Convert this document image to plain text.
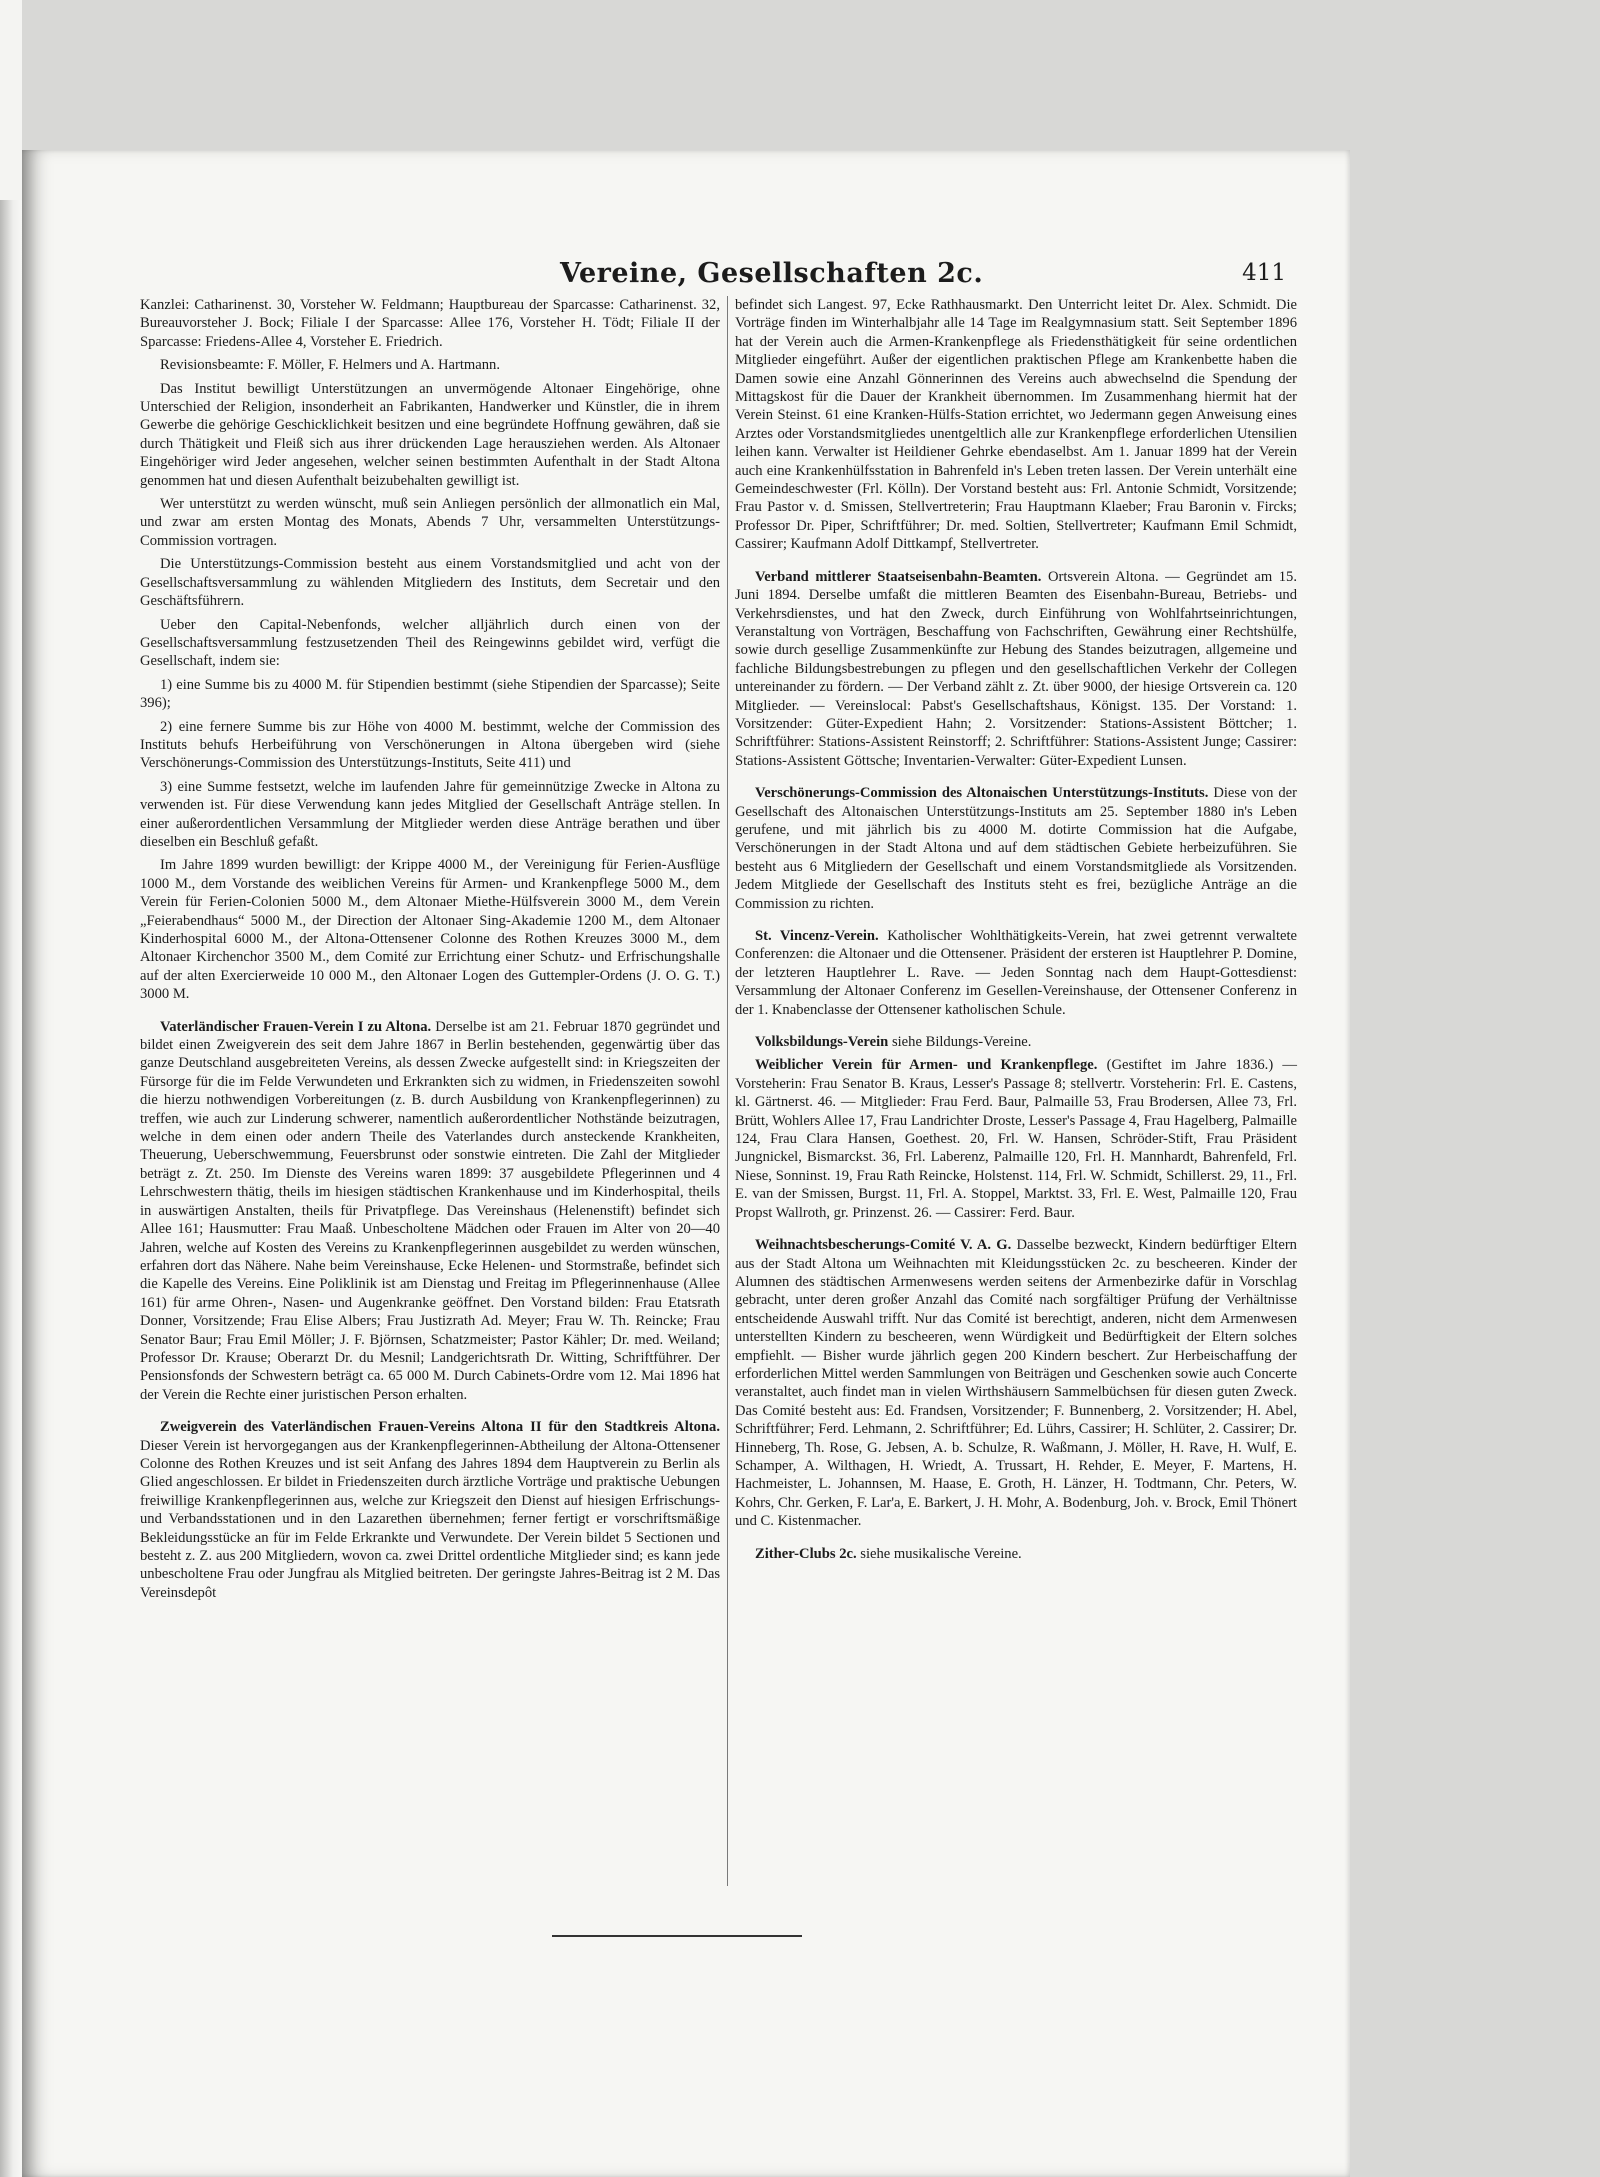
Vereine, Gesellschaften 2c.	411

Kanzlei: Catharinenst. 30, Vorsteher W. Feldmann; Hauptbureau der Sparcasse: Catharinenst. 32, Bureauvorsteher J. Bock; Filiale I der Sparcasse: Allee 176, Vorsteher H. Tödt; Filiale II der Sparcasse: Friedens-Allee 4, Vorsteher E. Friedrich.

Revisionsbeamte: F. Möller, F. Helmers und A. Hartmann.

Das Institut bewilligt Unterstützungen an unvermögende Altonaer Eingehörige, ohne Unterschied der Religion, insonderheit an Fabrikanten, Handwerker und Künstler, die in ihrem Gewerbe die gehörige Geschicklichkeit besitzen und eine begründete Hoffnung gewähren, daß sie durch Thätigkeit und Fleiß sich aus ihrer drückenden Lage herausziehen werden. Als Altonaer Eingehöriger wird Jeder angesehen, welcher seinen bestimmten Aufenthalt in der Stadt Altona genommen hat und diesen Aufenthalt beizubehalten gewilligt ist.

Wer unterstützt zu werden wünscht, muß sein Anliegen persönlich der allmonatlich ein Mal, und zwar am ersten Montag des Monats, Abends 7 Uhr, versammelten Unterstützungs-Commission vortragen.

Die Unterstützungs-Commission besteht aus einem Vorstandsmitglied und acht von der Gesellschaftsversammlung zu wählenden Mitgliedern des Instituts, dem Secretair und den Geschäftsführern.

Ueber den Capital-Nebenfonds, welcher alljährlich durch einen von der Gesellschaftsversammlung festzusetzenden Theil des Reingewinns gebildet wird, verfügt die Gesellschaft, indem sie:

1) eine Summe bis zu 4000 M. für Stipendien bestimmt (siehe Stipendien der Sparcasse); Seite 396);

2) eine fernere Summe bis zur Höhe von 4000 M. bestimmt, welche der Commission des Instituts behufs Herbeiführung von Verschönerungen in Altona übergeben wird (siehe Verschönerungs-Commission des Unterstützungs-Instituts, Seite 411) und

3) eine Summe festsetzt, welche im laufenden Jahre für gemeinnützige Zwecke in Altona zu verwenden ist. Für diese Verwendung kann jedes Mitglied der Gesellschaft Anträge stellen. In einer außerordentlichen Versammlung der Mitglieder werden diese Anträge berathen und über dieselben ein Beschluß gefaßt.

Im Jahre 1899 wurden bewilligt: der Krippe 4000 M., der Vereinigung für Ferien-Ausflüge 1000 M., dem Vorstande des weiblichen Vereins für Armen- und Krankenpflege 5000 M., dem Verein für Ferien-Colonien 5000 M., dem Altonaer Miethe-Hülfsverein 3000 M., dem Verein „Feierabendhaus“ 5000 M., der Direction der Altonaer Sing-Akademie 1200 M., dem Altonaer Kinderhospital 6000 M., der Altona-Ottensener Colonne des Rothen Kreuzes 3000 M., dem Altonaer Kirchenchor 3500 M., dem Comité zur Errichtung einer Schutz- und Erfrischungshalle auf der alten Exercierweide 10 000 M., den Altonaer Logen des Guttempler-Ordens (J. O. G. T.) 3000 M.

Vaterländischer Frauen-Verein I zu Altona. Derselbe ist am 21. Februar 1870 gegründet und bildet einen Zweigverein des seit dem Jahre 1867 in Berlin bestehenden, gegenwärtig über das ganze Deutschland ausgebreiteten Vereins, als dessen Zwecke aufgestellt sind: in Kriegszeiten der Fürsorge für die im Felde Verwundeten und Erkrankten sich zu widmen, in Friedenszeiten sowohl die hierzu nothwendigen Vorbereitungen (z. B. durch Ausbildung von Krankenpflegerinnen) zu treffen, wie auch zur Linderung schwerer, namentlich außerordentlicher Nothstände beizutragen, welche in dem einen oder andern Theile des Vaterlandes durch ansteckende Krankheiten, Theuerung, Ueberschwemmung, Feuersbrunst oder sonstwie eintreten. Die Zahl der Mitglieder beträgt z. Zt. 250. Im Dienste des Vereins waren 1899: 37 ausgebildete Pflegerinnen und 4 Lehrschwestern thätig, theils im hiesigen städtischen Krankenhause und im Kinderhospital, theils in auswärtigen Anstalten, theils für Privatpflege. Das Vereinshaus (Helenenstift) befindet sich Allee 161; Hausmutter: Frau Maaß. Unbescholtene Mädchen oder Frauen im Alter von 20—40 Jahren, welche auf Kosten des Vereins zu Krankenpflegerinnen ausgebildet zu werden wünschen, erfahren dort das Nähere. Nahe beim Vereinshause, Ecke Helenen- und Stormstraße, befindet sich die Kapelle des Vereins. Eine Poliklinik ist am Dienstag und Freitag im Pflegerinnenhause (Allee 161) für arme Ohren-, Nasen- und Augenkranke geöffnet. Den Vorstand bilden: Frau Etatsrath Donner, Vorsitzende; Frau Elise Albers; Frau Justizrath Ad. Meyer; Frau W. Th. Reincke; Frau Senator Baur; Frau Emil Möller; J. F. Björnsen, Schatzmeister; Pastor Kähler; Dr. med. Weiland; Professor Dr. Krause; Oberarzt Dr. du Mesnil; Landgerichtsrath Dr. Witting, Schriftführer. Der Pensionsfonds der Schwestern beträgt ca. 65 000 M. Durch Cabinets-Ordre vom 12. Mai 1896 hat der Verein die Rechte einer juristischen Person erhalten.

Zweigverein des Vaterländischen Frauen-Vereins Altona II für den Stadtkreis Altona. Dieser Verein ist hervorgegangen aus der Krankenpflegerinnen-Abtheilung der Altona-Ottensener Colonne des Rothen Kreuzes und ist seit Anfang des Jahres 1894 dem Hauptverein zu Berlin als Glied angeschlossen. Er bildet in Friedenszeiten durch ärztliche Vorträge und praktische Uebungen freiwillige Krankenpflegerinnen aus, welche zur Kriegszeit den Dienst auf hiesigen Erfrischungs- und Verbandsstationen und in den Lazarethen übernehmen; ferner fertigt er vorschriftsmäßige Bekleidungsstücke an für im Felde Erkrankte und Verwundete. Der Verein bildet 5 Sectionen und besteht z. Z. aus 200 Mitgliedern, wovon ca. zwei Drittel ordentliche Mitglieder sind; es kann jede unbescholtene Frau oder Jungfrau als Mitglied beitreten. Der geringste Jahres-Beitrag ist 2 M. Das Vereinsdepôt

befindet sich Langest. 97, Ecke Rathhausmarkt. Den Unterricht leitet Dr. Alex. Schmidt. Die Vorträge finden im Winterhalbjahr alle 14 Tage im Realgymnasium statt. Seit September 1896 hat der Verein auch die Armen-Krankenpflege als Friedensthätigkeit für seine ordentlichen Mitglieder eingeführt. Außer der eigentlichen praktischen Pflege am Krankenbette haben die Damen sowie eine Anzahl Gönnerinnen des Vereins auch abwechselnd die Spendung der Mittagskost für die Dauer der Krankheit übernommen. Im Zusammenhang hiermit hat der Verein Steinst. 61 eine Kranken-Hülfs-Station errichtet, wo Jedermann gegen Anweisung eines Arztes oder Vorstandsmitgliedes unentgeltlich alle zur Krankenpflege erforderlichen Utensilien leihen kann. Verwalter ist Heildiener Gehrke ebendaselbst. Am 1. Januar 1899 hat der Verein auch eine Krankenhülfsstation in Bahrenfeld in's Leben treten lassen. Der Verein unterhält eine Gemeindeschwester (Frl. Kölln). Der Vorstand besteht aus: Frl. Antonie Schmidt, Vorsitzende; Frau Pastor v. d. Smissen, Stellvertreterin; Frau Hauptmann Klaeber; Frau Baronin v. Fircks; Professor Dr. Piper, Schriftführer; Dr. med. Soltien, Stellvertreter; Kaufmann Emil Schmidt, Cassirer; Kaufmann Adolf Dittkampf, Stellvertreter.

Verband mittlerer Staatseisenbahn-Beamten. Ortsverein Altona. — Gegründet am 15. Juni 1894. Derselbe umfaßt die mittleren Beamten des Eisenbahn-Bureau, Betriebs- und Verkehrsdienstes, und hat den Zweck, durch Einführung von Wohlfahrtseinrichtungen, Veranstaltung von Vorträgen, Beschaffung von Fachschriften, Gewährung einer Rechtshülfe, sowie durch gesellige Zusammenkünfte zur Hebung des Standes beizutragen, allgemeine und fachliche Bildungsbestrebungen zu pflegen und den gesellschaftlichen Verkehr der Collegen untereinander zu fördern. — Der Verband zählt z. Zt. über 9000, der hiesige Ortsverein ca. 120 Mitglieder. — Vereinslocal: Pabst's Gesellschaftshaus, Königst. 135. Der Vorstand: 1. Vorsitzender: Güter-Expedient Hahn; 2. Vorsitzender: Stations-Assistent Böttcher; 1. Schriftführer: Stations-Assistent Reinstorff; 2. Schriftführer: Stations-Assistent Junge; Cassirer: Stations-Assistent Göttsche; Inventarien-Verwalter: Güter-Expedient Lunsen.

Verschönerungs-Commission des Altonaischen Unterstützungs-Instituts. Diese von der Gesellschaft des Altonaischen Unterstützungs-Instituts am 25. September 1880 in's Leben gerufene, und mit jährlich bis zu 4000 M. dotirte Commission hat die Aufgabe, Verschönerungen in der Stadt Altona und auf dem städtischen Gebiete herbeizuführen. Sie besteht aus 6 Mitgliedern der Gesellschaft und einem Vorstandsmitgliede als Vorsitzenden. Jedem Mitgliede der Gesellschaft des Instituts steht es frei, bezügliche Anträge an die Commission zu richten.

St. Vincenz-Verein. Katholischer Wohlthätigkeits-Verein, hat zwei getrennt verwaltete Conferenzen: die Altonaer und die Ottensener. Präsident der ersteren ist Hauptlehrer P. Domine, der letzteren Hauptlehrer L. Rave. — Jeden Sonntag nach dem Haupt-Gottesdienst: Versammlung der Altonaer Conferenz im Gesellen-Vereinshause, der Ottensener Conferenz in der 1. Knabenclasse der Ottensener katholischen Schule.

Volksbildungs-Verein siehe Bildungs-Vereine.

Weiblicher Verein für Armen- und Krankenpflege. (Gestiftet im Jahre 1836.) — Vorsteherin: Frau Senator B. Kraus, Lesser's Passage 8; stellvertr. Vorsteherin: Frl. E. Castens, kl. Gärtnerst. 46. — Mitglieder: Frau Ferd. Baur, Palmaille 53, Frau Brodersen, Allee 73, Frl. Brütt, Wohlers Allee 17, Frau Landrichter Droste, Lesser's Passage 4, Frau Hagelberg, Palmaille 124, Frau Clara Hansen, Goethest. 20, Frl. W. Hansen, Schröder-Stift, Frau Präsident Jungnickel, Bismarckst. 36, Frl. Laberenz, Palmaille 120, Frl. H. Mannhardt, Bahrenfeld, Frl. Niese, Sonninst. 19, Frau Rath Reincke, Holstenst. 114, Frl. W. Schmidt, Schillerst. 29, 11., Frl. E. van der Smissen, Burgst. 11, Frl. A. Stoppel, Marktst. 33, Frl. E. West, Palmaille 120, Frau Propst Wallroth, gr. Prinzenst. 26. — Cassirer: Ferd. Baur.

Weihnachtsbescherungs-Comité V. A. G. Dasselbe bezweckt, Kindern bedürftiger Eltern aus der Stadt Altona um Weihnachten mit Kleidungsstücken 2c. zu bescheeren. Kinder der Alumnen des städtischen Armenwesens werden seitens der Armenbezirke dafür in Vorschlag gebracht, unter deren großer Anzahl das Comité nach sorgfältiger Prüfung der Verhältnisse entscheidende Auswahl trifft. Nur das Comité ist berechtigt, anderen, nicht dem Armenwesen unterstellten Kindern zu bescheeren, wenn Würdigkeit und Bedürftigkeit der Eltern solches empfiehlt. — Bisher wurde jährlich gegen 200 Kindern beschert. Zur Herbeischaffung der erforderlichen Mittel werden Sammlungen von Beiträgen und Geschenken sowie auch Concerte veranstaltet, auch findet man in vielen Wirthshäusern Sammelbüchsen für diesen guten Zweck. Das Comité besteht aus: Ed. Frandsen, Vorsitzender; F. Bunnenberg, 2. Vorsitzender; H. Abel, Schriftführer; Ferd. Lehmann, 2. Schriftführer; Ed. Lührs, Cassirer; H. Schlüter, 2. Cassirer; Dr. Hinneberg, Th. Rose, G. Jebsen, A. b. Schulze, R. Waßmann, J. Möller, H. Rave, H. Wulf, E. Schamper, A. Wilthagen, H. Wriedt, A. Trussart, H. Rehder, E. Meyer, F. Martens, H. Hachmeister, L. Johannsen, M. Haase, E. Groth, H. Länzer, H. Todtmann, Chr. Peters, W. Kohrs, Chr. Gerken, F. Lar'a, E. Barkert, J. H. Mohr, A. Bodenburg, Joh. v. Brock, Emil Thönert und C. Kistenmacher.

Zither-Clubs 2c. siehe musikalische Vereine.
